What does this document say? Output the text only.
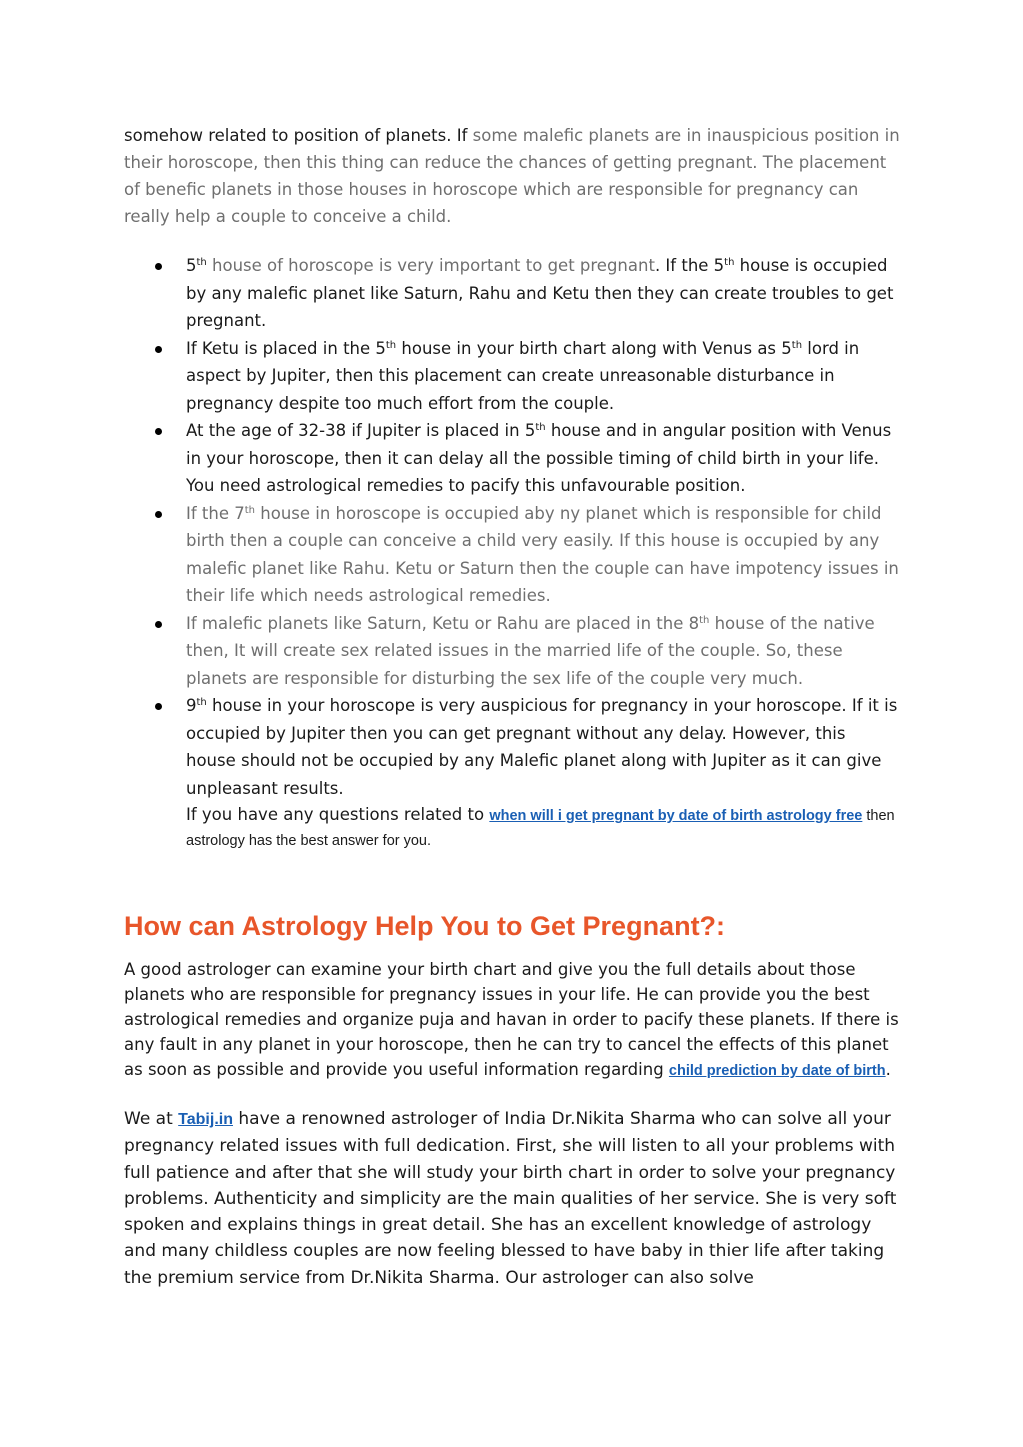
somehow related to position of planets. If some malefic planets are in inauspicious position in their horoscope, then this thing can reduce the chances of getting pregnant. The placement of benefic planets in those houses in horoscope which are responsible for pregnancy can really help a couple to conceive a child.

5th house of horoscope is very important to get pregnant. If the 5th house is occupied by any malefic planet like Saturn, Rahu and Ketu then they can create troubles to get pregnant.
If Ketu is placed in the 5th house in your birth chart along with Venus as 5th lord in aspect by Jupiter, then this placement can create unreasonable disturbance in pregnancy despite too much effort from the couple.
At the age of 32-38 if Jupiter is placed in 5th house and in angular position with Venus in your horoscope, then it can delay all the possible timing of child birth in your life. You need astrological remedies to pacify this unfavourable position.
If the 7th house in horoscope is occupied aby ny planet which is responsible for child birth then a couple can conceive a child very easily. If this house is occupied by any malefic planet like Rahu. Ketu or Saturn then the couple can have impotency issues in their life which needs astrological remedies.
If malefic planets like Saturn, Ketu or Rahu are placed in the 8th house of the native then, It will create sex related issues in the married life of the couple. So, these planets are responsible for disturbing the sex life of the couple very much.
9th house in your horoscope is very auspicious for pregnancy in your horoscope. If it is occupied by Jupiter then you can get pregnant without any delay. However, this house should not be occupied by any Malefic planet along with Jupiter as it can give unpleasant results.
If you have any questions related to when will i get pregnant by date of birth astrology free then astrology has the best answer for you.
How can Astrology Help You to Get Pregnant?:

A good astrologer can examine your birth chart and give you the full details about those planets who are responsible for pregnancy issues in your life. He can provide you the best astrological remedies and organize puja and havan in order to pacify these planets. If there is any fault in any planet in your horoscope, then he can try to cancel the effects of this planet as soon as possible and provide you useful information regarding child prediction by date of birth.

We at Tabij.in have a renowned astrologer of India Dr.Nikita Sharma who can solve all your pregnancy related issues with full dedication. First, she will listen to all your problems with full patience and after that she will study your birth chart in order to solve your pregnancy problems. Authenticity and simplicity are the main qualities of her service. She is very soft spoken and explains things in great detail. She has an excellent knowledge of astrology and many childless couples are now feeling blessed to have baby in thier life after taking the premium service from Dr.Nikita Sharma. Our astrologer can also solve
